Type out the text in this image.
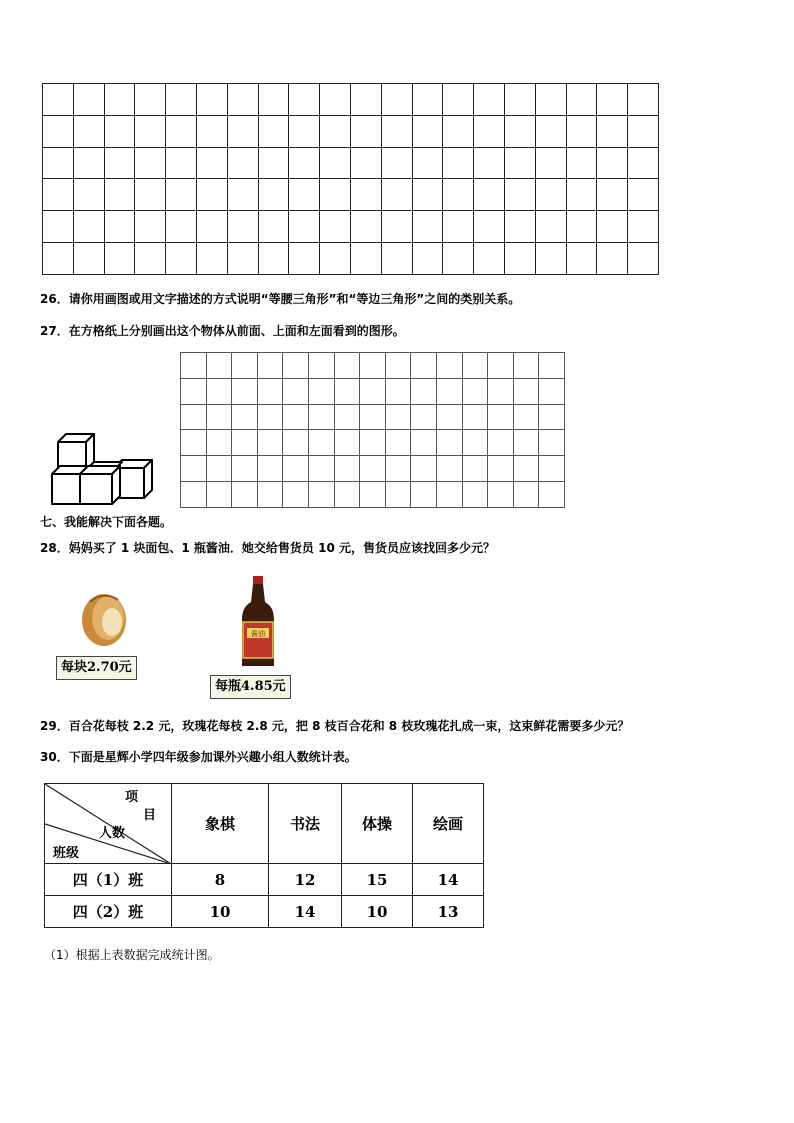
26．请你用画图或用文字描述的方式说明“等腰三角形”和“等边三角形”之间的类别关系。
27．在方格纸上分别画出这个物体从前面、上面和左面看到的图形。

七、我能解决下面各题。
28．妈妈买了 1 块面包、1 瓶酱油．她交给售货员 10 元，售货员应该找回多少元？
每块2.70元
酱油
每瓶4.85元
29．百合花每枝 2.2 元，玫瑰花每枝 2.8 元，把 8 枝百合花和 8 枝玫瑰花扎成一束，这束鲜花需要多少元？
30．下面是星辉小学四年级参加课外兴趣小组人数统计表。
项
目
人数
班级	象棋	书法	体操	绘画
四（1）班	8	12	15	14
四（2）班	10	14	10	13
（1）根据上表数据完成统计图。
